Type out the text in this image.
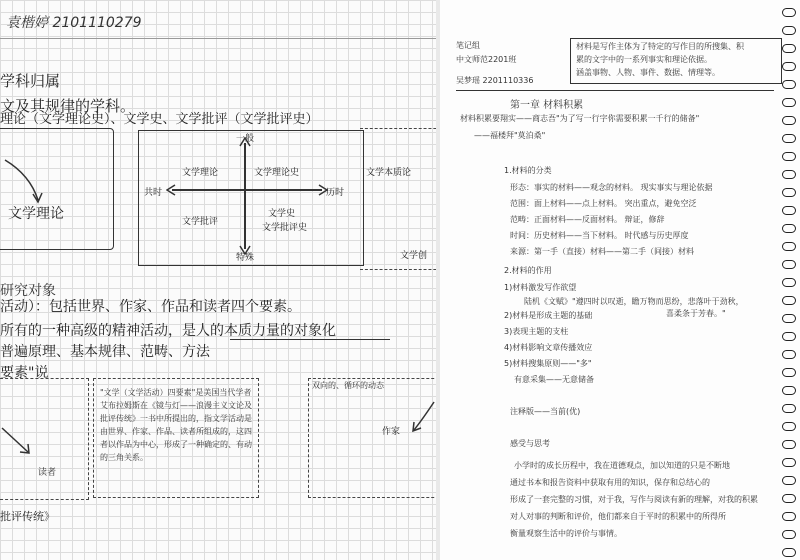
袁楷婷 2101110279
学科归属
文及其规律的学科。
理论（文学理论史）、文学史、文学批评（文学批评史）
文学理论
一般
特殊
共时	历时
文学理论	文学理论史
文学批评
文学史
文学批评史
文学本质论
文学创
研究对象
活动）：包括世界、作家、作品和读者四个要素。
所有的一种高级的精神活动，是人的本质力量的对象化
普遍原理、基本规律、范畴、方法
要素"说
读者
"文学（文学活动）四要素"是美国当代学者艾布拉姆斯在《镜与灯——浪漫主义文论及批评传统》一书中所提出的，指文学活动是由世界、作家、作品、读者所组成的，这四者以作品为中心，形成了一种确定的、有动的三角关系。
双向的、循环的动态
作家
批评传统》
笔记组
中文师范2201班
吴梦瑶 2201110336
材料是写作主体为了特定的写作目的所搜集、积
累的文字中的一系列事实和理论依据。
涵盖事物、人物、事件、数据、情理等。
第一章 材料积累
材料积累要翔实——商志吾"为了写一行字你需要积累一千行的储备"
——福楼拜"莫泊桑"
1.材料的分类
形态：事实的材料——观念的材料。 现实事实与理论依据
范围：面上材料——点上材料。 突出重点，避免空泛
范畴：正面材料——反面材料。 辩证，修辞
时间：历史材料——当下材料。 时代感与历史厚度
来源：第一手（直接）材料——第二手（间接）材料
2.材料的作用
1)材料激发写作欲望
陆机《文赋》"遵四时以叹逝，瞻万物而思纷，悲落叶于劲秋，
喜柔条于芳春。"
2)材料是形成主题的基础
3)表现主题的支柱
4)材料影响文章传播效应
5)材料搜集原则——"多"
有意采集——无意储备
注释版——当前(优)
感受与思考
小学时的成长历程中，我在道德观点，加以知道的只是不断地
通过书本和报告资料中获取有用的知识，保存和总结心的
形成了一套完整的习惯，对于我，写作与阅读有新的理解，对我的积累
对人对事的判断和评价，他们都来自于平时的积累中的所得所
衡量观察生活中的评价与事情。
